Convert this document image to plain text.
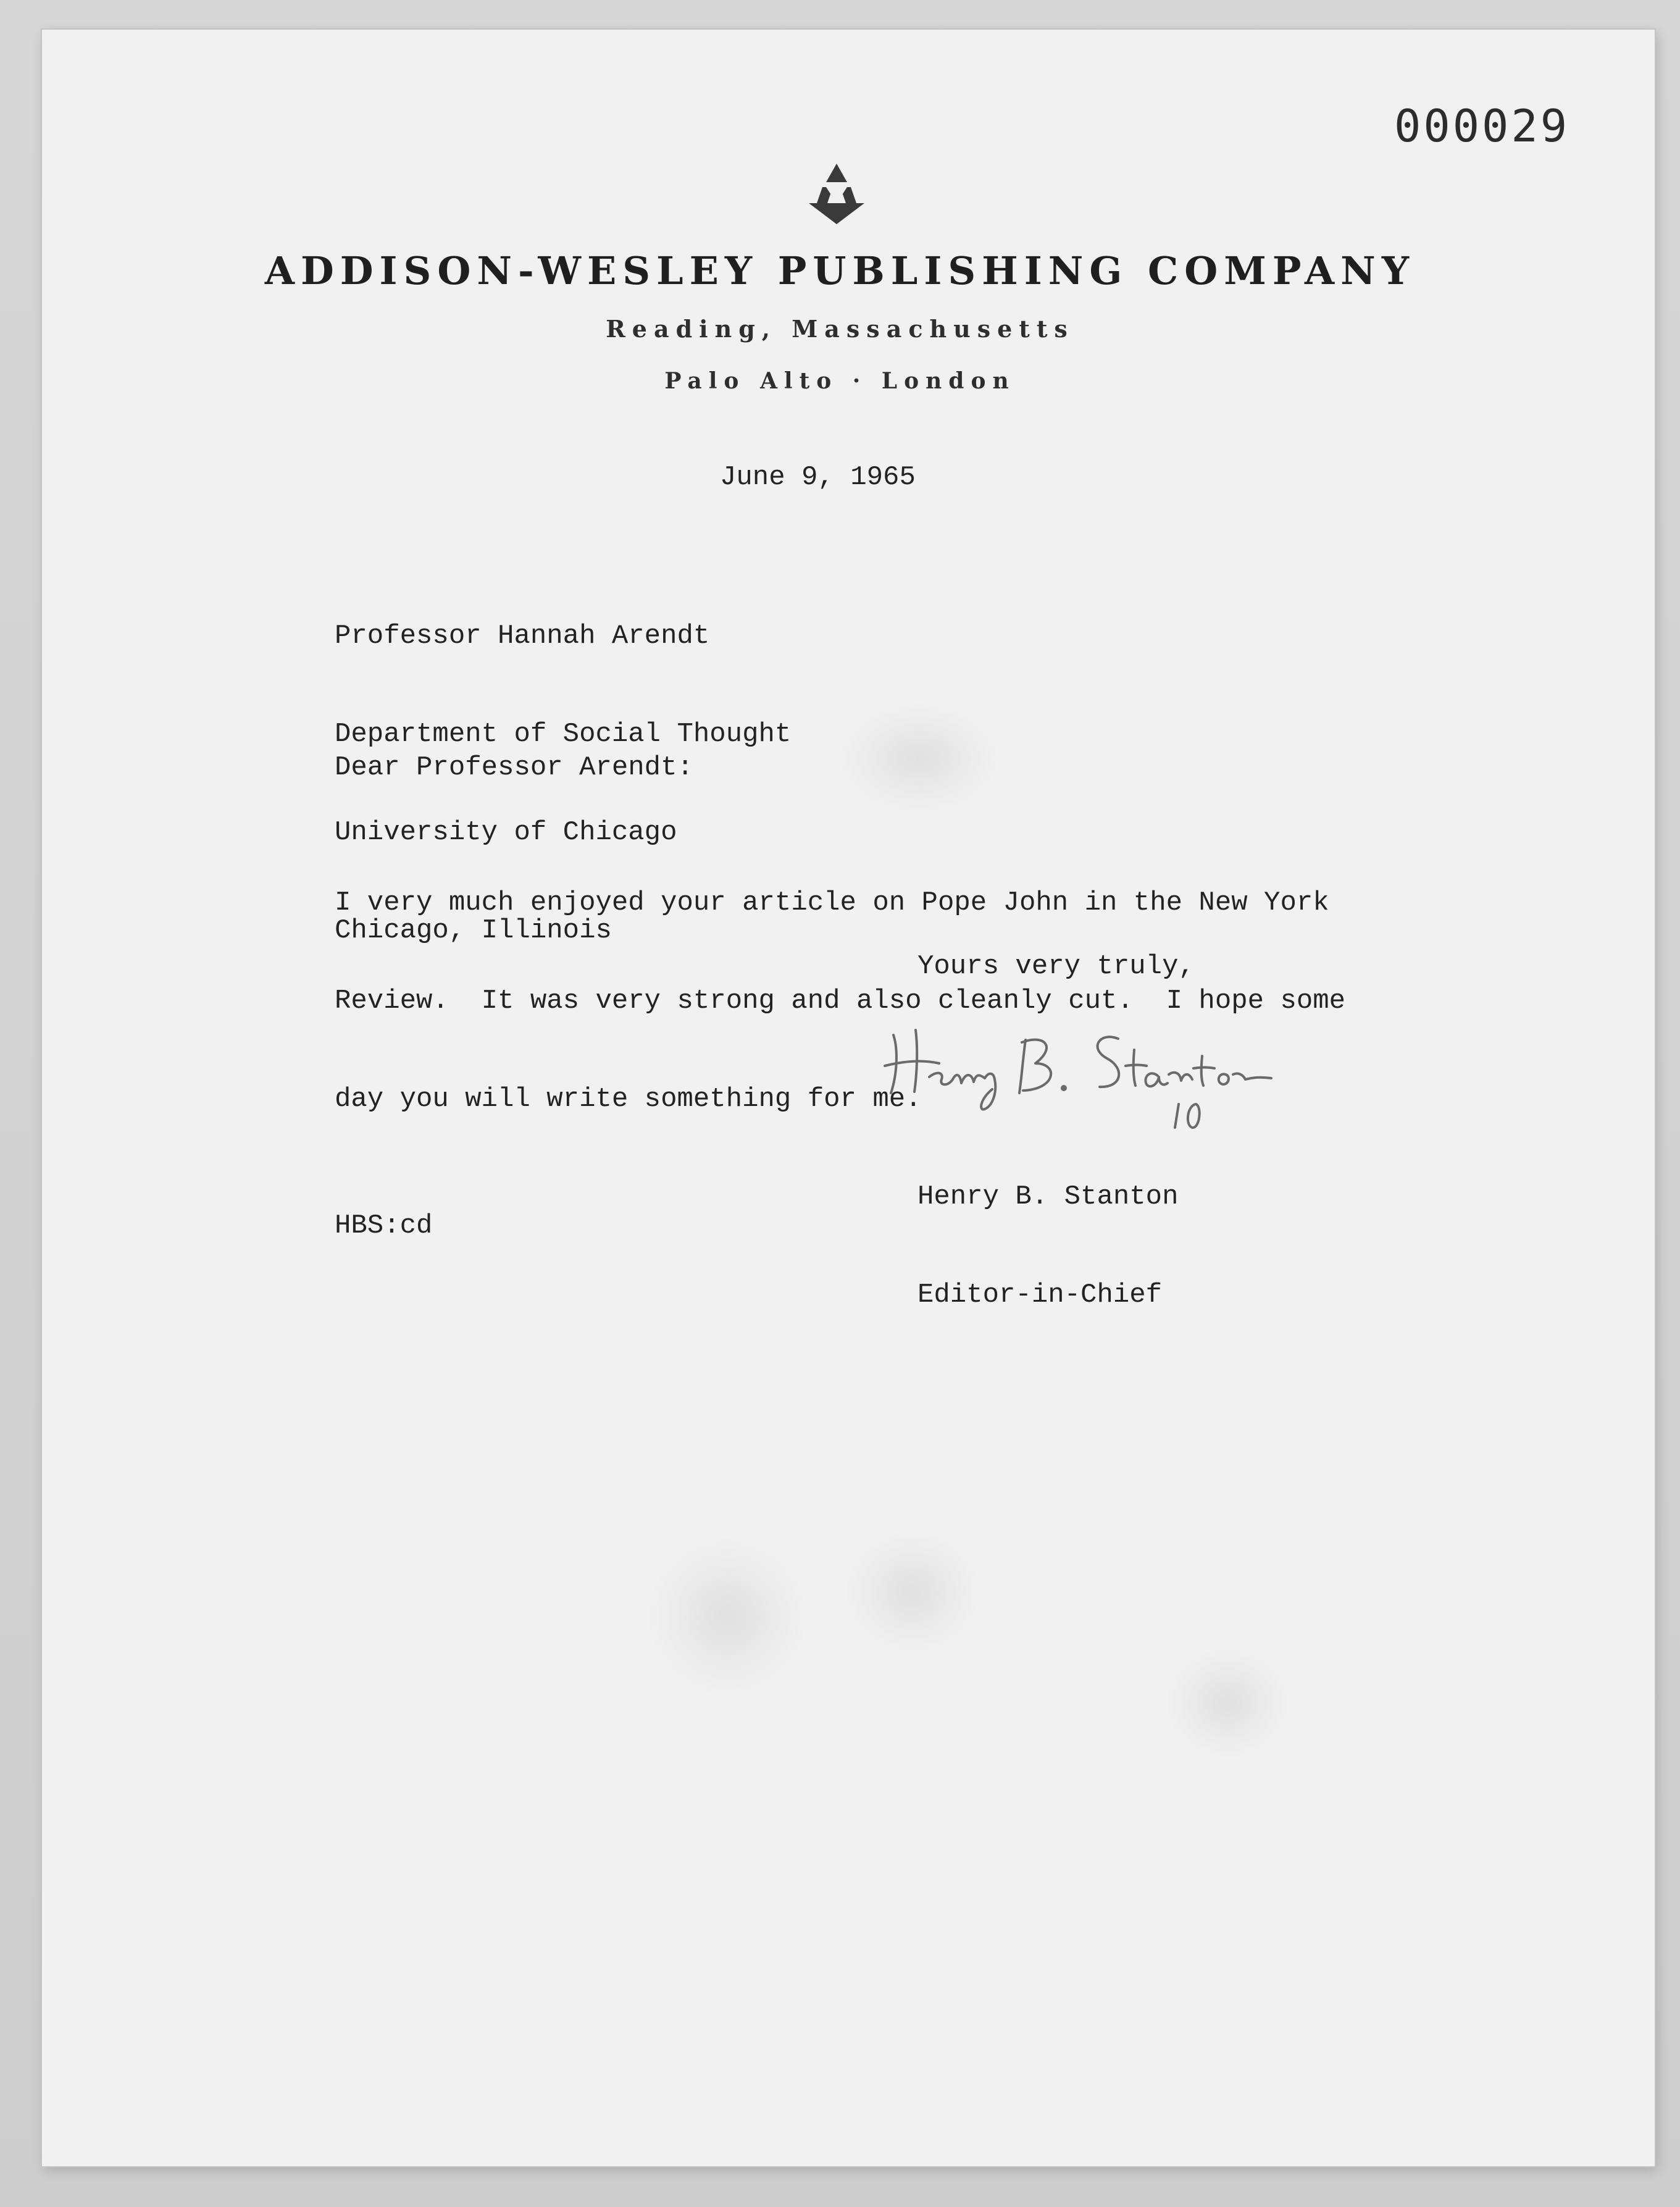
000029
ADDISON-WESLEY PUBLISHING COMPANY
Reading, Massachusetts
Palo Alto · London
June 9, 1965

Professor Hannah Arendt

Department of Social Thought

University of Chicago

Chicago, Illinois

Dear Professor Arendt:

I very much enjoyed your article on Pope John in the New York

Review.  It was very strong and also cleanly cut.  I hope some

day you will write something for me.

Yours very truly,

Henry B. Stanton

Editor-in-Chief

HBS:cd
